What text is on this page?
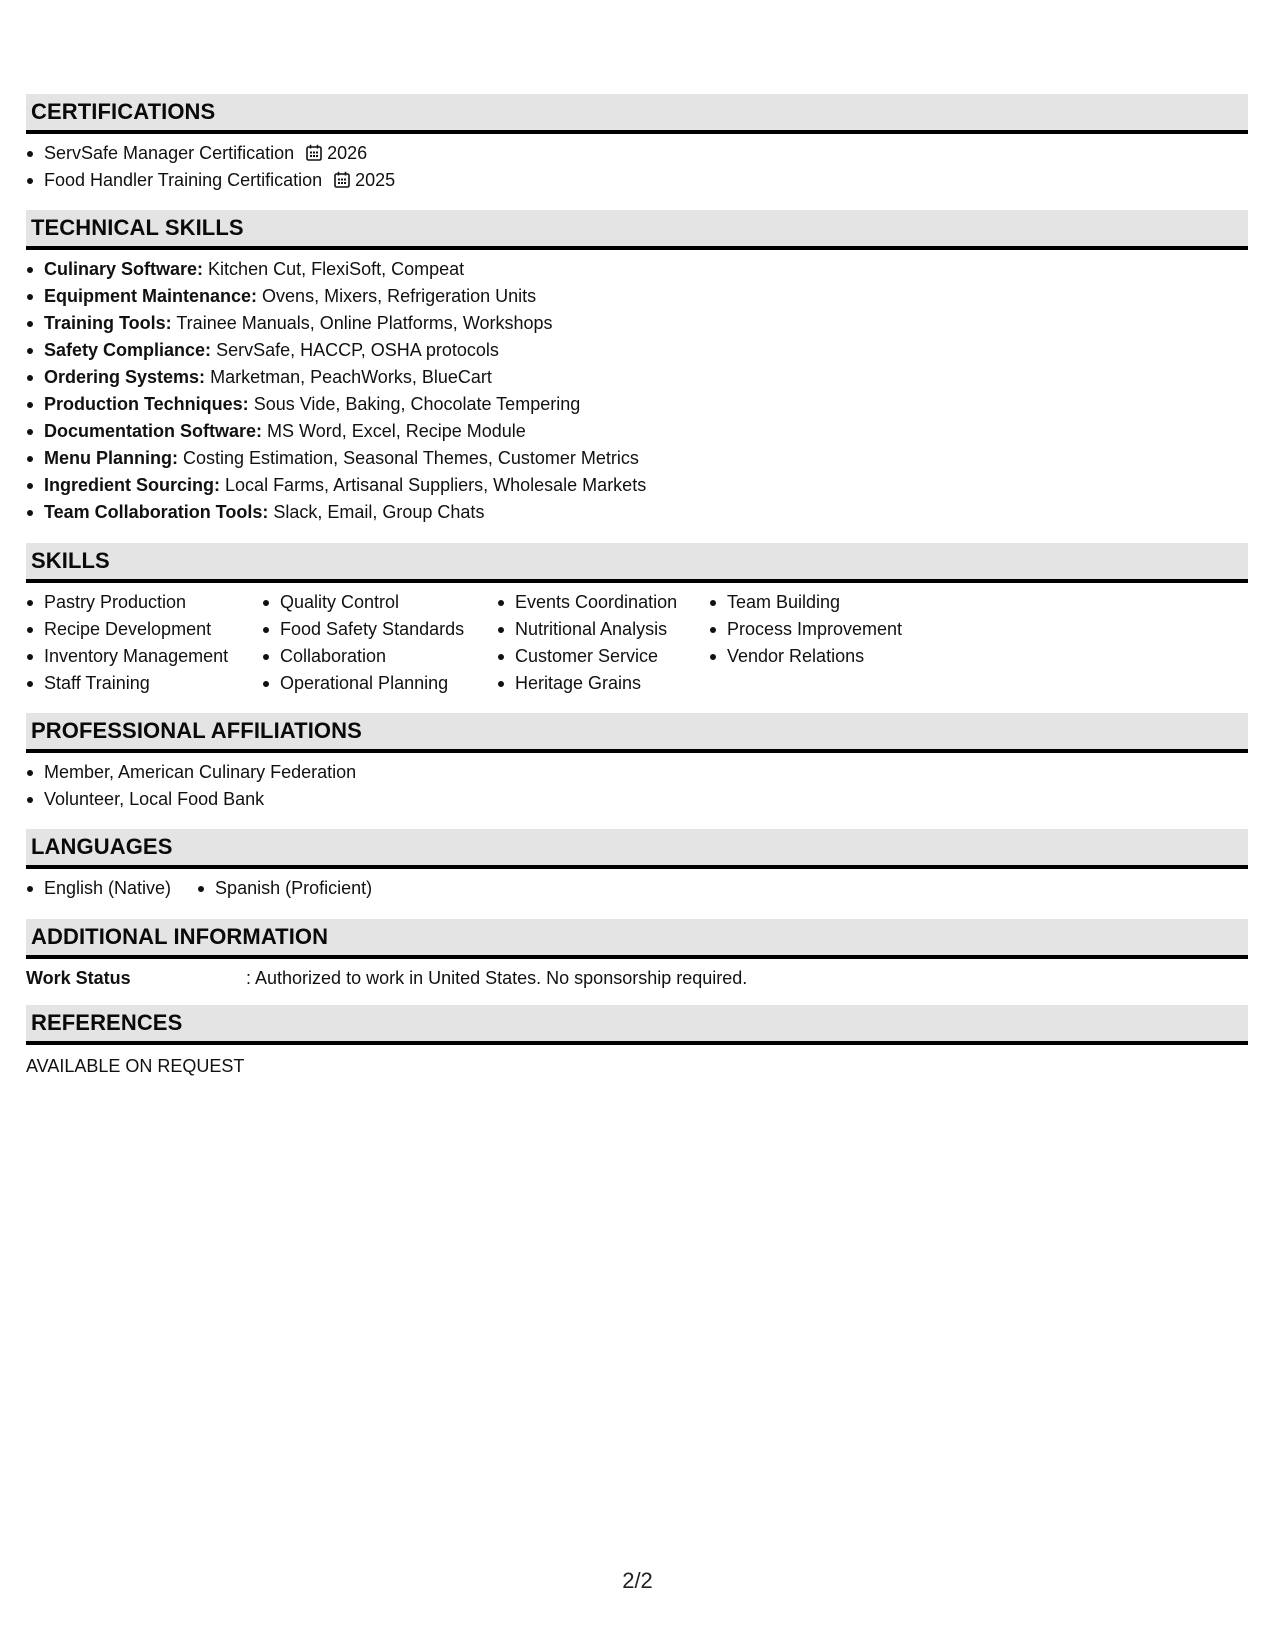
CERTIFICATIONS
ServSafe Manager Certification 2026
Food Handler Training Certification 2025
TECHNICAL SKILLS
Culinary Software: Kitchen Cut, FlexiSoft, Compeat
Equipment Maintenance: Ovens, Mixers, Refrigeration Units
Training Tools: Trainee Manuals, Online Platforms, Workshops
Safety Compliance: ServSafe, HACCP, OSHA protocols
Ordering Systems: Marketman, PeachWorks, BlueCart
Production Techniques: Sous Vide, Baking, Chocolate Tempering
Documentation Software: MS Word, Excel, Recipe Module
Menu Planning: Costing Estimation, Seasonal Themes, Customer Metrics
Ingredient Sourcing: Local Farms, Artisanal Suppliers, Wholesale Markets
Team Collaboration Tools: Slack, Email, Group Chats
SKILLS
Pastry Production
Recipe Development
Inventory Management
Staff Training
Quality Control
Food Safety Standards
Collaboration
Operational Planning
Events Coordination
Nutritional Analysis
Customer Service
Heritage Grains
Team Building
Process Improvement
Vendor Relations
PROFESSIONAL AFFILIATIONS
Member, American Culinary Federation
Volunteer, Local Food Bank
LANGUAGES
English (Native)	Spanish (Proficient)
ADDITIONAL INFORMATION
Work Status	: Authorized to work in United States. No sponsorship required.
REFERENCES
AVAILABLE ON REQUEST
2/2
